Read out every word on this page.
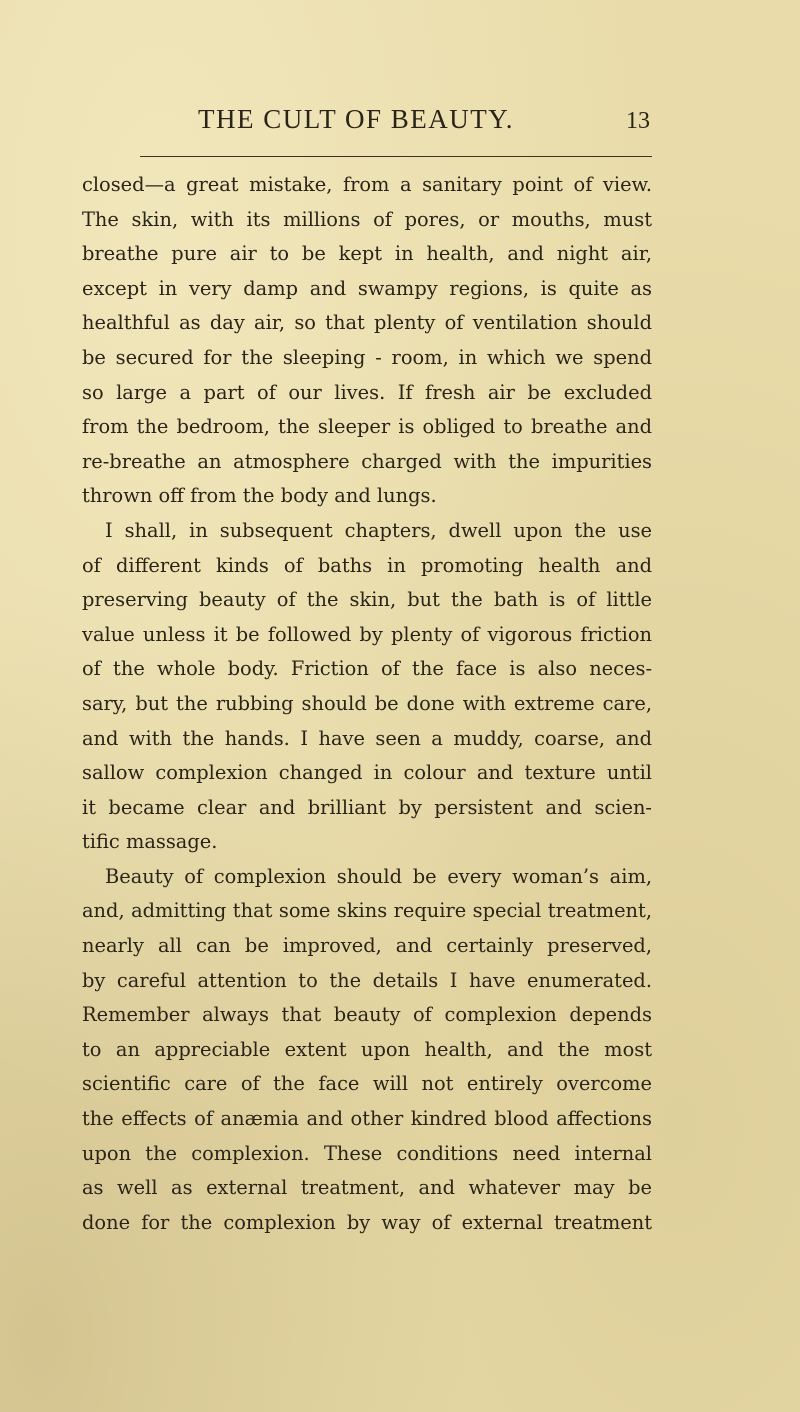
THE CULT OF BEAUTY.	13
closed—a great mistake, from a sanitary point of view.
The skin, with its millions of pores, or mouths, must
breathe pure air to be kept in health, and night air,
except in very damp and swampy regions, is quite as
healthful as day air, so that plenty of ventilation should
be secured for the sleeping - room, in which we spend
so large a part of our lives. If fresh air be excluded
from the bedroom, the sleeper is obliged to breathe and
re-breathe an atmosphere charged with the impurities
thrown off from the body and lungs.
I shall, in subsequent chapters, dwell upon the use
of different kinds of baths in promoting health and
preserving beauty of the skin, but the bath is of little
value unless it be followed by plenty of vigorous friction
of the whole body. Friction of the face is also neces-
sary, but the rubbing should be done with extreme care,
and with the hands. I have seen a muddy, coarse, and
sallow complexion changed in colour and texture until
it became clear and brilliant by persistent and scien-
tific massage.
Beauty of complexion should be every woman’s aim,
and, admitting that some skins require special treatment,
nearly all can be improved, and certainly preserved,
by careful attention to the details I have enumerated.
Remember always that beauty of complexion depends
to an appreciable extent upon health, and the most
scientific care of the face will not entirely overcome
the effects of anæmia and other kindred blood affections
upon the complexion. These conditions need internal
as well as external treatment, and whatever may be
done for the complexion by way of external treatment
